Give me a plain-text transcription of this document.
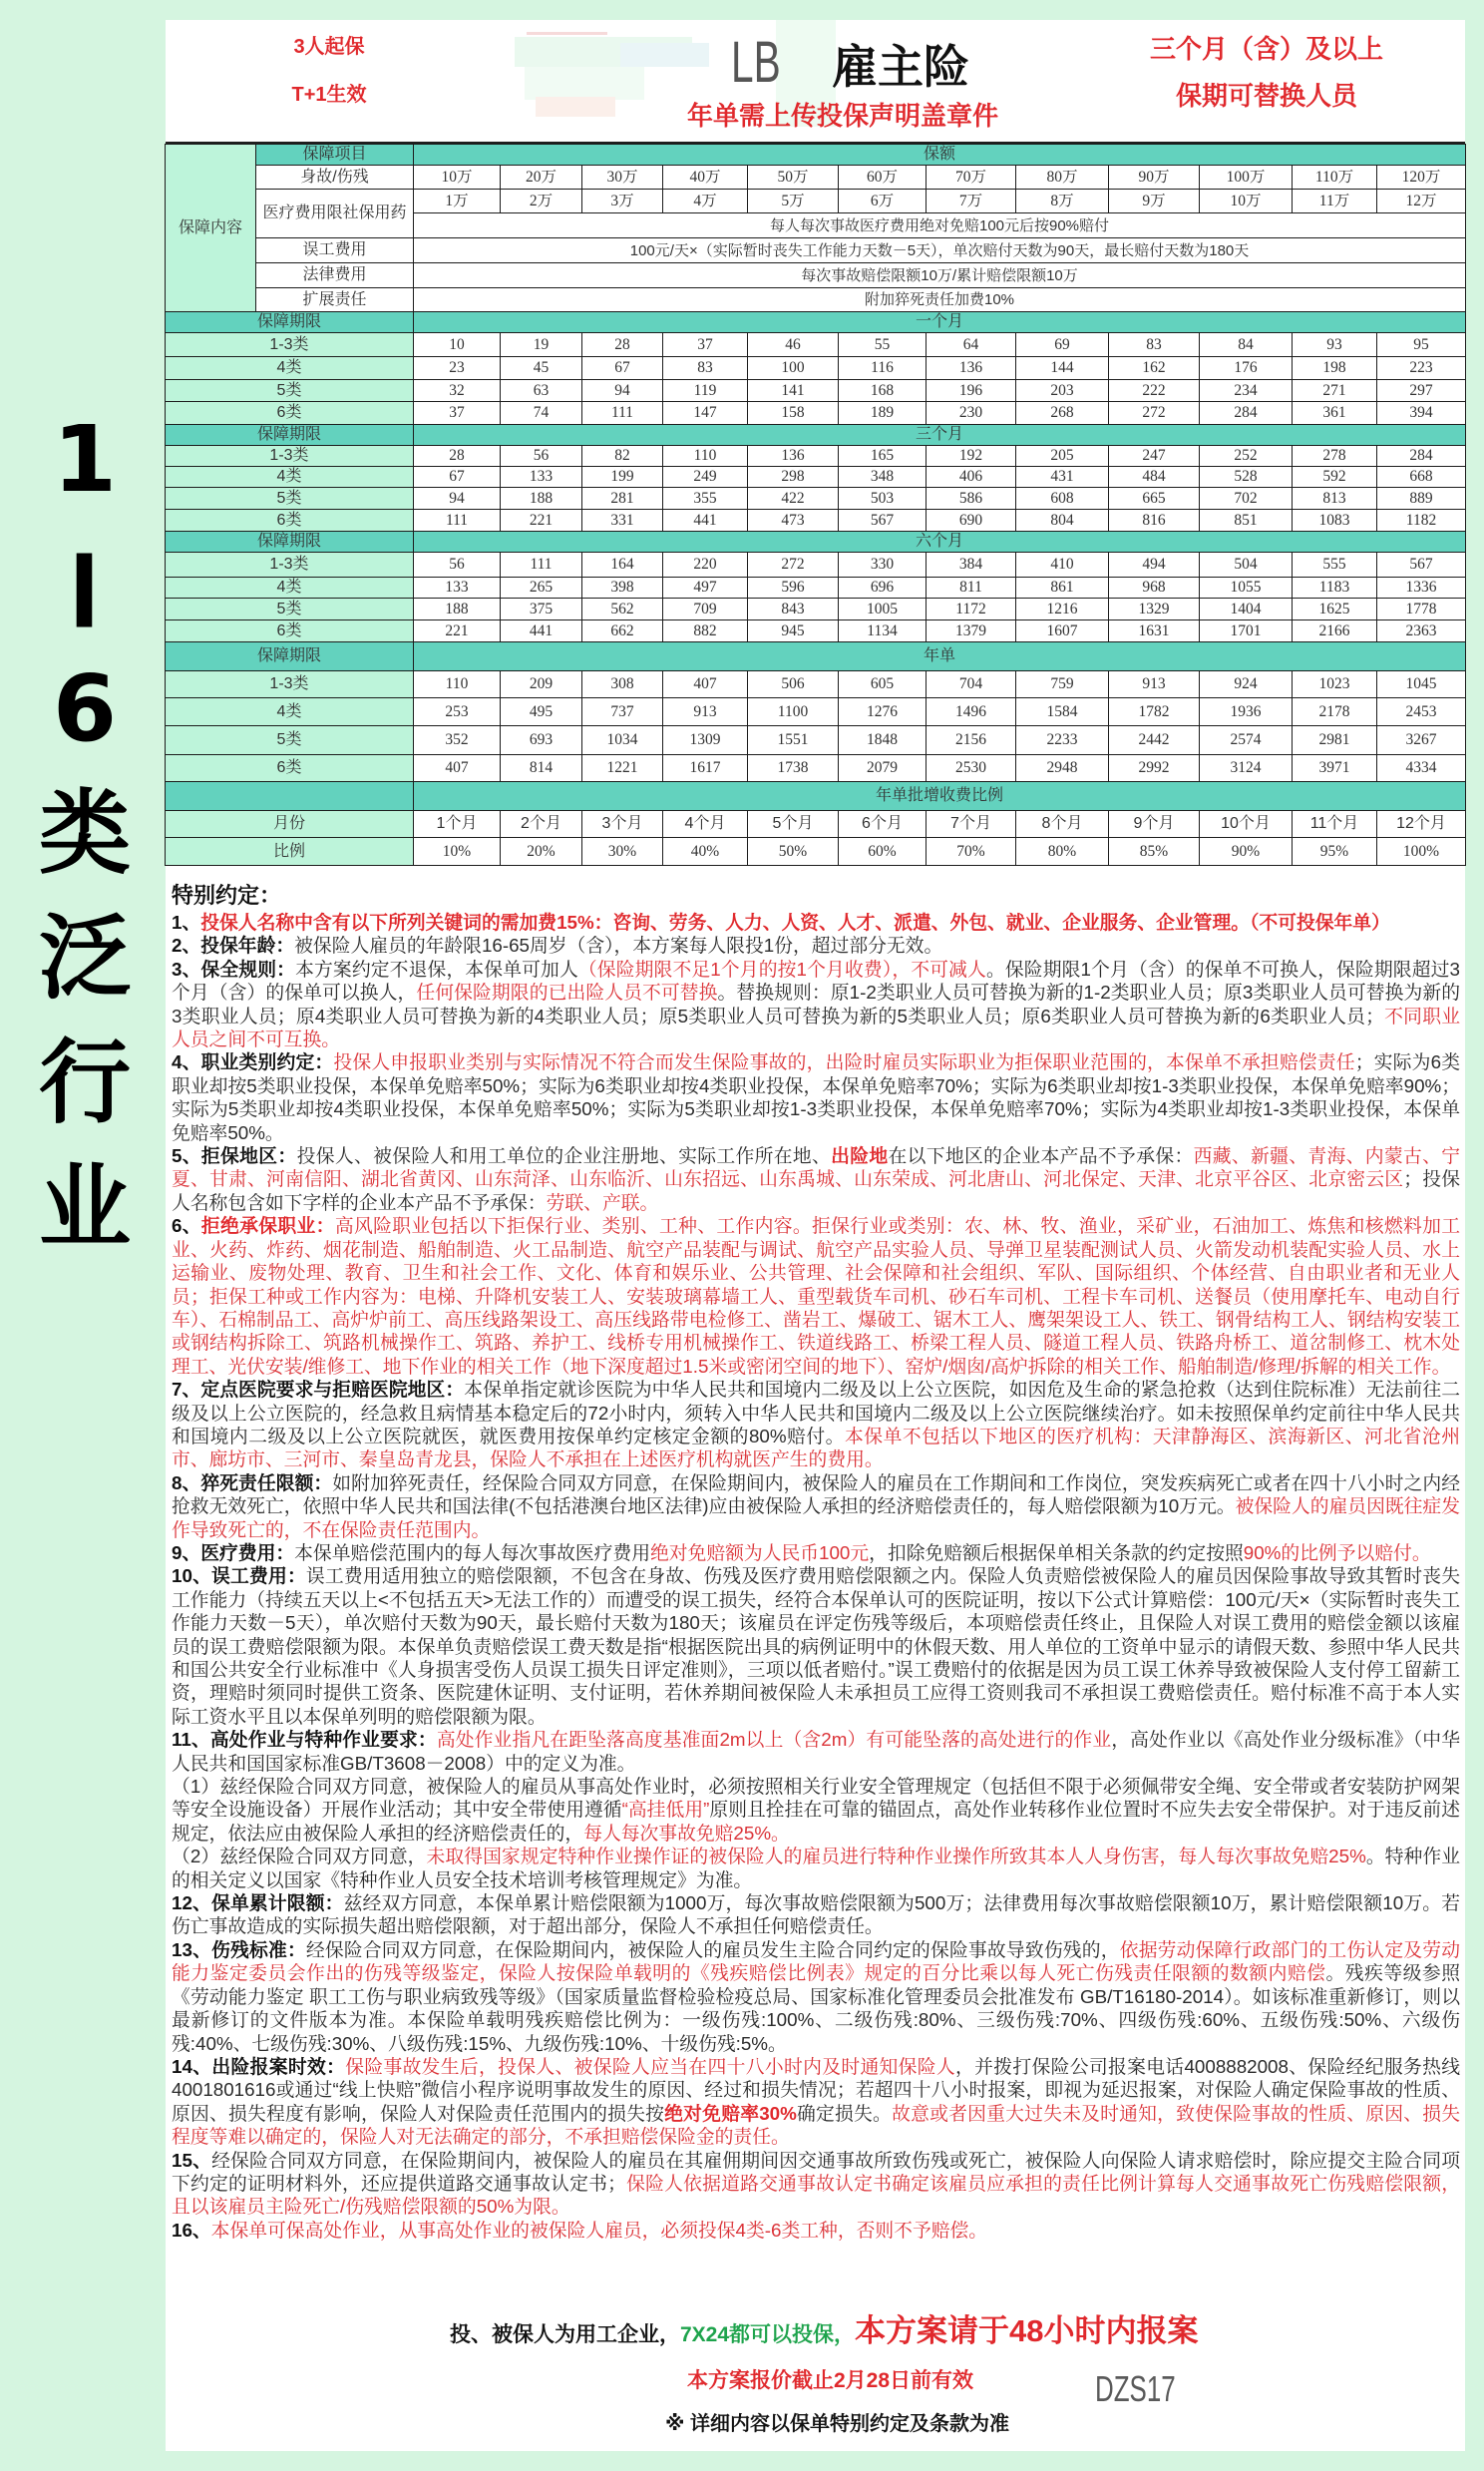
1
|
6
类
泛
行
业
3人起保
T+1生效	LB 雇主险
年单需上传投保声明盖章件
三个月（含）及以上
保期可替换人员
保障内容	保障项目	保额											
	身故/伤残	10万	20万	30万	40万	50万	60万	70万	80万	90万	100万	110万	120万
	医疗费用限社保用药	1万	2万	3万	4万	5万	6万	7万	8万	9万	10万	11万	12万
		每人每次事故医疗费用绝对免赔100元后按90%赔付											
	误工费用	100元/天×（实际暂时丧失工作能力天数－5天），单次赔付天数为90天，最长赔付天数为180天											
	法律费用	每次事故赔偿限额10万/累计赔偿限额10万											
	扩展责任	附加猝死责任加费10%											
保障期限		一个月											
1-3类		10	19	28	37	46	55	64	69	83	84	93	95
4类		23	45	67	83	100	116	136	144	162	176	198	223
5类		32	63	94	119	141	168	196	203	222	234	271	297
6类		37	74	111	147	158	189	230	268	272	284	361	394
保障期限		三个月											
1-3类		28	56	82	110	136	165	192	205	247	252	278	284
4类		67	133	199	249	298	348	406	431	484	528	592	668
5类		94	188	281	355	422	503	586	608	665	702	813	889
6类		111	221	331	441	473	567	690	804	816	851	1083	1182
保障期限		六个月											
1-3类		56	111	164	220	272	330	384	410	494	504	555	567
4类		133	265	398	497	596	696	811	861	968	1055	1183	1336
5类		188	375	562	709	843	1005	1172	1216	1329	1404	1625	1778
6类		221	441	662	882	945	1134	1379	1607	1631	1701	2166	2363
保障期限		年单											
1-3类		110	209	308	407	506	605	704	759	913	924	1023	1045
4类		253	495	737	913	1100	1276	1496	1584	1782	1936	2178	2453
5类		352	693	1034	1309	1551	1848	2156	2233	2442	2574	2981	3267
6类		407	814	1221	1617	1738	2079	2530	2948	2992	3124	3971	4334
		年单批增收费比例											
月份		1个月	2个月	3个月	4个月	5个月	6个月	7个月	8个月	9个月	10个月	11个月	12个月
比例		10%	20%	30%	40%	50%	60%	70%	80%	85%	90%	95%	100%

特别约定：

1、投保人名称中含有以下所列关键词的需加费15%：咨询、劳务、人力、人资、人才、派遣、外包、就业、企业服务、企业管理。（不可投保年单）

2、投保年龄：被保险人雇员的年龄限16-65周岁（含），本方案每人限投1份，超过部分无效。

3、保全规则：本方案约定不退保，本保单可加人（保险期限不足1个月的按1个月收费），不可减人。保险期限1个月（含）的保单不可换人，保险期限超过3个月（含）的保单可以换人，任何保险期限的已出险人员不可替换。替换规则：原1-2类职业人员可替换为新的1-2类职业人员；原3类职业人员可替换为新的3类职业人员；原4类职业人员可替换为新的4类职业人员；原5类职业人员可替换为新的5类职业人员；原6类职业人员可替换为新的6类职业人员；不同职业人员之间不可互换。

4、职业类别约定：投保人申报职业类别与实际情况不符合而发生保险事故的，出险时雇员实际职业为拒保职业范围的，本保单不承担赔偿责任；实际为6类职业却按5类职业投保，本保单免赔率50%；实际为6类职业却按4类职业投保，本保单免赔率70%；实际为6类职业却按1-3类职业投保，本保单免赔率90%；实际为5类职业却按4类职业投保，本保单免赔率50%；实际为5类职业却按1-3类职业投保，本保单免赔率70%；实际为4类职业却按1-3类职业投保，本保单免赔率50%。

5、拒保地区：投保人、被保险人和用工单位的企业注册地、实际工作所在地、出险地在以下地区的企业本产品不予承保：西藏、新疆、青海、内蒙古、宁夏、甘肃、河南信阳、湖北省黄冈、山东菏泽、山东临沂、山东招远、山东禹城、山东荣成、河北唐山、河北保定、天津、北京平谷区、北京密云区；投保人名称包含如下字样的企业本产品不予承保：劳联、产联。

6、拒绝承保职业：高风险职业包括以下拒保行业、类别、工种、工作内容。拒保行业或类别：农、林、牧、渔业，采矿业，石油加工、炼焦和核燃料加工业、火药、炸药、烟花制造、船舶制造、火工品制造、航空产品装配与调试、航空产品实验人员、导弹卫星装配测试人员、火箭发动机装配实验人员、水上运输业、废物处理、教育、卫生和社会工作、文化、体育和娱乐业、公共管理、社会保障和社会组织、军队、国际组织、个体经营、自由职业者和无业人员；拒保工种或工作内容为：电梯、升降机安装工人、安装玻璃幕墙工人、重型载货车司机、砂石车司机、工程卡车司机、送餐员（使用摩托车、电动自行车）、石棉制品工、高炉炉前工、高压线路架设工、高压线路带电检修工、凿岩工、爆破工、锯木工人、鹰架架设工人、铁工、钢骨结构工人、钢结构安装工或钢结构拆除工、筑路机械操作工、筑路、养护工、线桥专用机械操作工、铁道线路工、桥梁工程人员、隧道工程人员、铁路舟桥工、道岔制修工、枕木处理工、光伏安装/维修工、地下作业的相关工作（地下深度超过1.5米或密闭空间的地下）、窑炉/烟囱/高炉拆除的相关工作、船舶制造/修理/拆解的相关工作。

7、定点医院要求与拒赔医院地区：本保单指定就诊医院为中华人民共和国境内二级及以上公立医院，如因危及生命的紧急抢救（达到住院标准）无法前往二级及以上公立医院的，经急救且病情基本稳定后的72小时内，须转入中华人民共和国境内二级及以上公立医院继续治疗。如未按照保单约定前往中华人民共和国境内二级及以上公立医院就医，就医费用按保单约定核定金额的80%赔付。本保单不包括以下地区的医疗机构：天津静海区、滨海新区、河北省沧州市、廊坊市、三河市、秦皇岛青龙县，保险人不承担在上述医疗机构就医产生的费用。

8、猝死责任限额：如附加猝死责任，经保险合同双方同意，在保险期间内，被保险人的雇员在工作期间和工作岗位，突发疾病死亡或者在四十八小时之内经抢救无效死亡，依照中华人民共和国法律(不包括港澳台地区法律)应由被保险人承担的经济赔偿责任的，每人赔偿限额为10万元。被保险人的雇员因既往症发作导致死亡的，不在保险责任范围内。

9、医疗费用：本保单赔偿范围内的每人每次事故医疗费用绝对免赔额为人民币100元，扣除免赔额后根据保单相关条款的约定按照90%的比例予以赔付。

10、误工费用：误工费用适用独立的赔偿限额，不包含在身故、伤残及医疗费用赔偿限额之内。保险人负责赔偿被保险人的雇员因保险事故导致其暂时丧失工作能力（持续五天以上<不包括五天>无法工作的）而遭受的误工损失，经符合本保单认可的医院证明，按以下公式计算赔偿：100元/天×（实际暂时丧失工作能力天数－5天），单次赔付天数为90天，最长赔付天数为180天；该雇员在评定伤残等级后，本项赔偿责任终止，且保险人对误工费用的赔偿金额以该雇员的误工费赔偿限额为限。本保单负责赔偿误工费天数是指“根据医院出具的病例证明中的休假天数、用人单位的工资单中显示的请假天数、参照中华人民共和国公共安全行业标准中《人身损害受伤人员误工损失日评定准则》，三项以低者赔付。”误工费赔付的依据是因为员工误工休养导致被保险人支付停工留薪工资，理赔时须同时提供工资条、医院建休证明、支付证明，若休养期间被保险人未承担员工应得工资则我司不承担误工费赔偿责任。赔付标准不高于本人实际工资水平且以本保单列明的赔偿限额为限。

11、高处作业与特种作业要求：高处作业指凡在距坠落高度基准面2m以上（含2m）有可能坠落的高处进行的作业，高处作业以《高处作业分级标准》（中华人民共和国国家标准GB/T3608－2008）中的定义为准。

（1）兹经保险合同双方同意，被保险人的雇员从事高处作业时，必须按照相关行业安全管理规定（包括但不限于必须佩带安全绳、安全带或者安装防护网架等安全设施设备）开展作业活动；其中安全带使用遵循“高挂低用”原则且拴挂在可靠的锚固点，高处作业转移作业位置时不应失去安全带保护。对于违反前述规定，依法应由被保险人承担的经济赔偿责任的，每人每次事故免赔25%。

（2）兹经保险合同双方同意，未取得国家规定特种作业操作证的被保险人的雇员进行特种作业操作所致其本人人身伤害，每人每次事故免赔25%。特种作业的相关定义以国家《特种作业人员安全技术培训考核管理规定》为准。

12、保单累计限额：兹经双方同意，本保单累计赔偿限额为1000万，每次事故赔偿限额为500万；法律费用每次事故赔偿限额10万，累计赔偿限额10万。若伤亡事故造成的实际损失超出赔偿限额，对于超出部分，保险人不承担任何赔偿责任。

13、伤残标准：经保险合同双方同意，在保险期间内，被保险人的雇员发生主险合同约定的保险事故导致伤残的，依据劳动保障行政部门的工伤认定及劳动能力鉴定委员会作出的伤残等级鉴定，保险人按保险单载明的《残疾赔偿比例表》规定的百分比乘以每人死亡伤残责任限额的数额内赔偿。残疾等级参照《劳动能力鉴定 职工工伤与职业病致残等级》（国家质量监督检验检疫总局、国家标准化管理委员会批准发布 GB/T16180-2014）。如该标准重新修订，则以最新修订的文件版本为准。本保险单载明残疾赔偿比例为：一级伤残:100%、二级伤残:80%、三级伤残:70%、四级伤残:60%、五级伤残:50%、六级伤残:40%、七级伤残:30%、八级伤残:15%、九级伤残:10%、十级伤残:5%。

14、出险报案时效：保险事故发生后，投保人、被保险人应当在四十八小时内及时通知保险人，并拨打保险公司报案电话4008882008、保险经纪服务热线4001801616或通过“线上快赔”微信小程序说明事故发生的原因、经过和损失情况；若超四十八小时报案，即视为延迟报案，对保险人确定保险事故的性质、原因、损失程度有影响，保险人对保险责任范围内的损失按绝对免赔率30%确定损失。故意或者因重大过失未及时通知，致使保险事故的性质、原因、损失程度等难以确定的，保险人对无法确定的部分，不承担赔偿保险金的责任。

15、经保险合同双方同意，在保险期间内，被保险人的雇员在其雇佣期间因交通事故所致伤残或死亡，被保险人向保险人请求赔偿时，除应提交主险合同项下约定的证明材料外，还应提供道路交通事故认定书；保险人依据道路交通事故认定书确定该雇员应承担的责任比例计算每人交通事故死亡伤残赔偿限额，且以该雇员主险死亡/伤残赔偿限额的50%为限。

16、本保单可保高处作业，从事高处作业的被保险人雇员，必须投保4类-6类工种，否则不予赔偿。

投、被保人为用工企业，7X24都可以投保，本方案请于48小时内报案
本方案报价截止2月28日前有效	DZS17
※ 详细内容以保单特别约定及条款为准
